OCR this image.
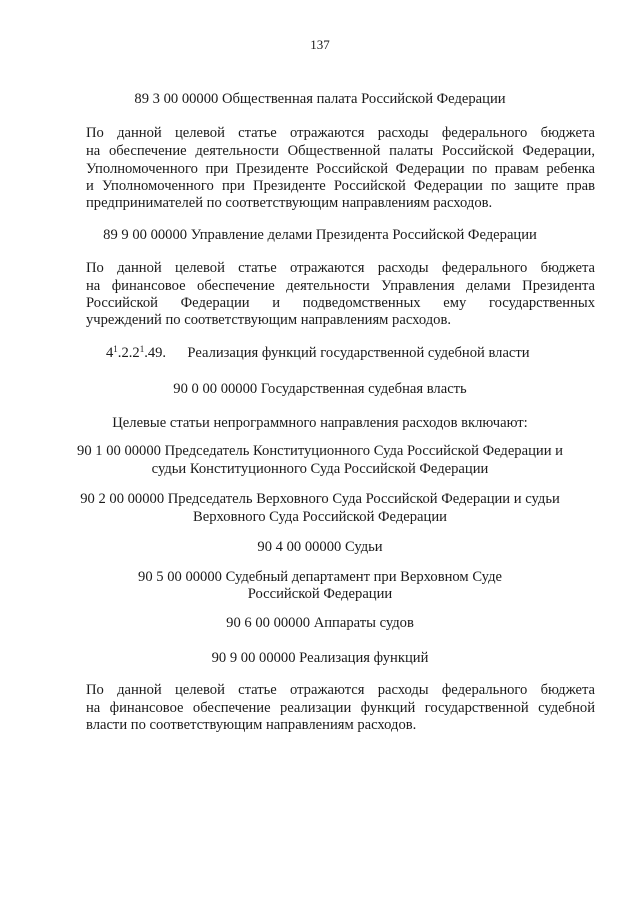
137
89 3 00 00000 Общественная палата Российской Федерации
По данной целевой статье отражаются расходы федерального бюджета
на обеспечение деятельности Общественной палаты Российской Федерации,
Уполномоченного при Президенте Российской Федерации по правам ребенка
и Уполномоченного при Президенте Российской Федерации по защите прав
предпринимателей по соответствующим направлениям расходов.
89 9 00 00000 Управление делами Президента Российской Федерации
По данной целевой статье отражаются расходы федерального бюджета
на финансовое обеспечение деятельности Управления делами Президента
Российской Федерации и подведомственных ему государственных
учреждений по соответствующим направлениям расходов.
$4^1.2.2^1.49$. Реализация функций государственной судебной власти
90 0 00 00000 Государственная судебная власть
Целевые статьи непрограммного направления расходов включают:
90 1 00 00000 Председатель Конституционного Суда Российской Федерации и
судьи Конституционного Суда Российской Федерации
90 2 00 00000 Председатель Верховного Суда Российской Федерации и судьи
Верховного Суда Российской Федерации
90 4 00 00000 Судьи
90 5 00 00000 Судебный департамент при Верховном Суде
Российской Федерации
90 6 00 00000 Аппараты судов
90 9 00 00000 Реализация функций
По данной целевой статье отражаются расходы федерального бюджета
на финансовое обеспечение реализации функций государственной судебной
власти по соответствующим направлениям расходов.
